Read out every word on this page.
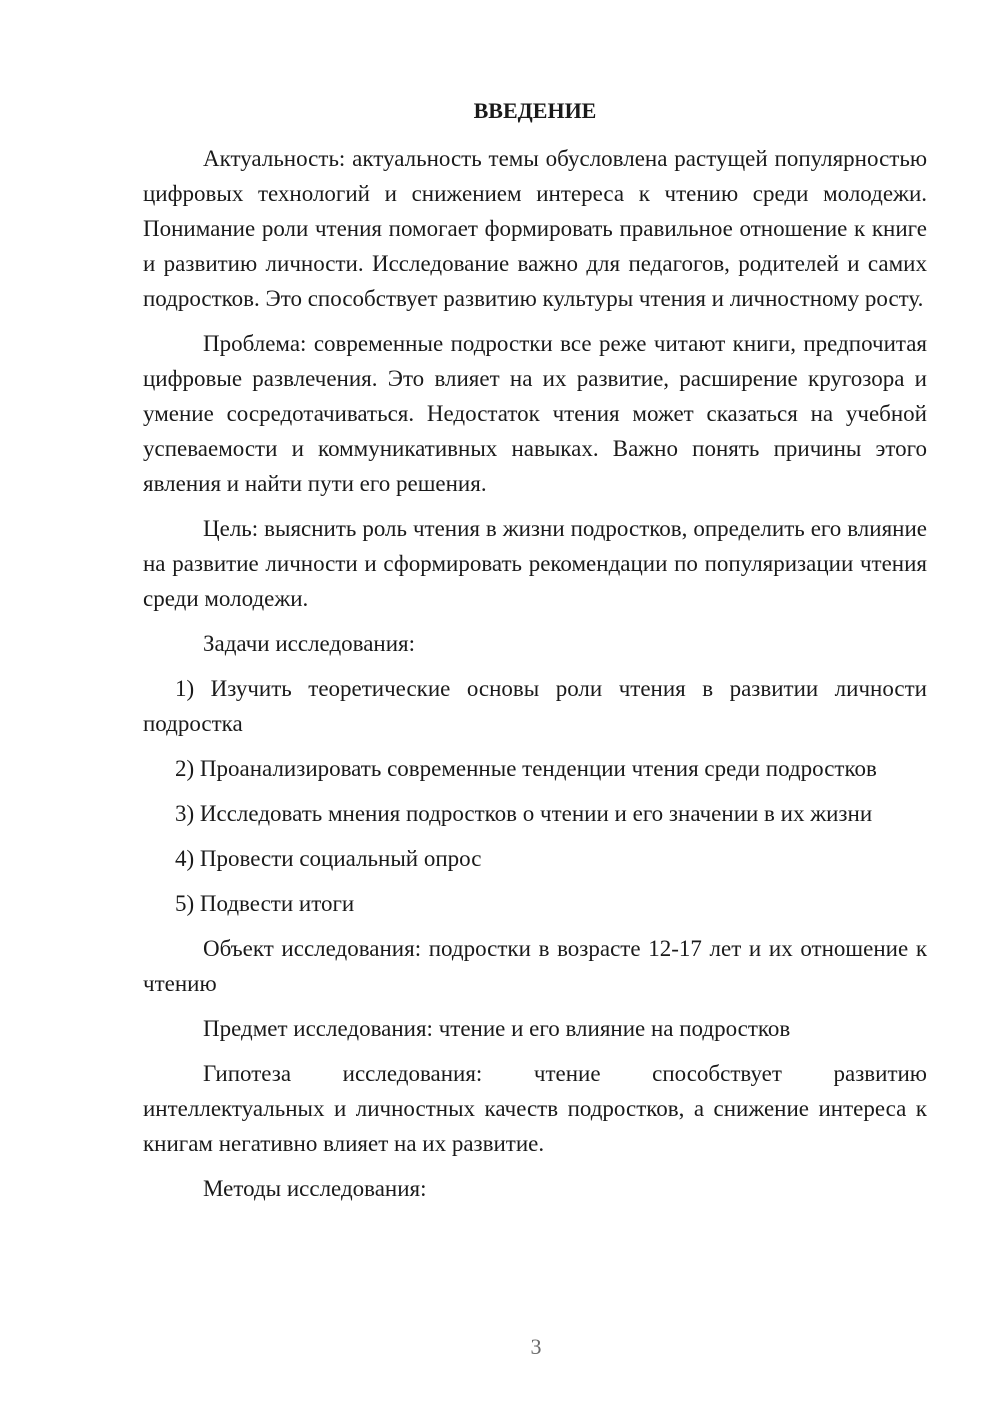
ВВЕДЕНИЕ

Актуальность: актуальность темы обусловлена растущей популярностью цифровых технологий и снижением интереса к чтению среди молодежи. Понимание роли чтения помогает формировать правильное отношение к книге и развитию личности. Исследование важно для педагогов, родителей и самих подростков. Это способствует развитию культуры чтения и личностному росту.

Проблема: современные подростки все реже читают книги, предпочитая цифровые развлечения. Это влияет на их развитие, расширение кругозора и умение сосредотачиваться. Недостаток чтения может сказаться на учебной успеваемости и коммуникативных навыках. Важно понять причины этого явления и найти пути его решения.

Цель: выяснить роль чтения в жизни подростков, определить его влияние на развитие личности и сформировать рекомендации по популяризации чтения среди молодежи.

Задачи исследования:

1) Изучить теоретические основы роли чтения в развитии личности подростка

2) Проанализировать современные тенденции чтения среди подростков

3) Исследовать мнения подростков о чтении и его значении в их жизни

4) Провести социальный опрос

5) Подвести итоги

Объект исследования: подростки в возрасте 12-17 лет и их отношение к чтению

Предмет исследования: чтение и его влияние на подростков

Гипотеза исследования: чтение способствует развитию интеллектуальных и личностных качеств подростков, а снижение интереса к книгам негативно влияет на их развитие.

Методы исследования:

3
